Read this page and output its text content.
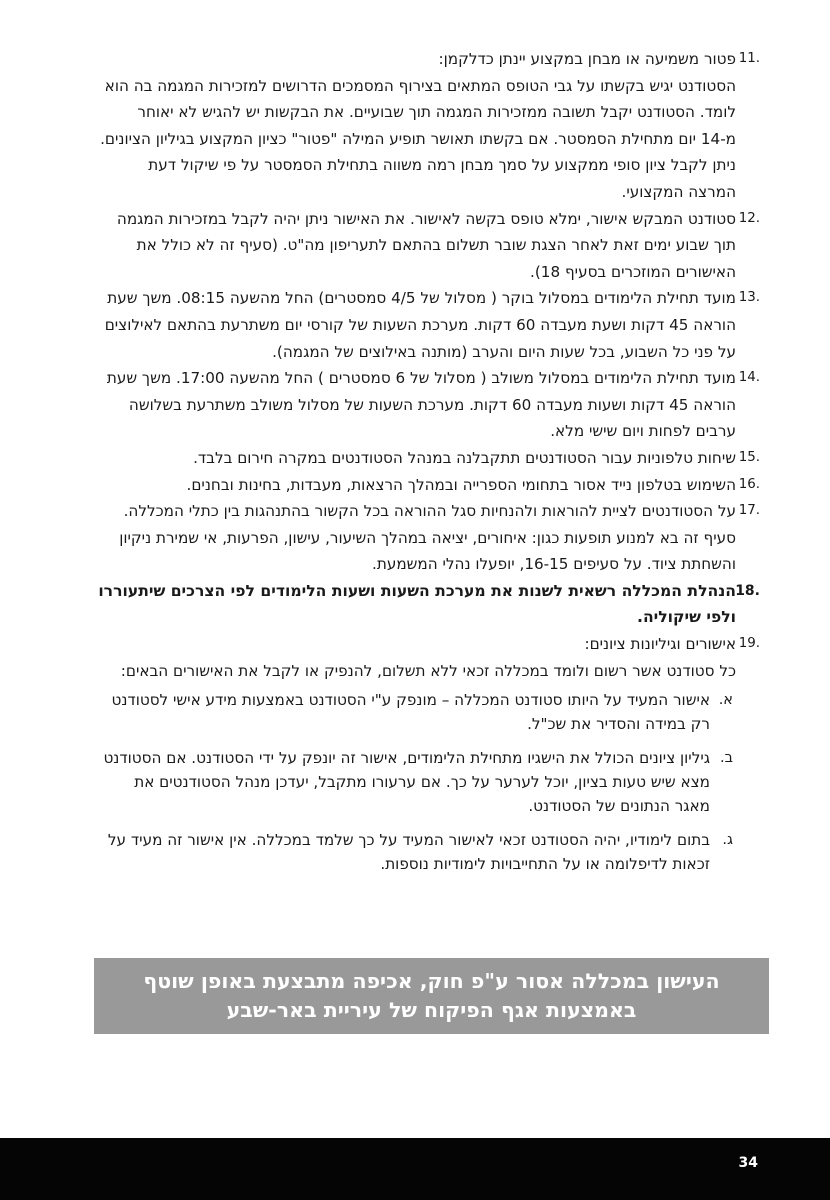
.11

פטור משמיעה או מבחן במקצוע יינתן כדלקמן:

הסטודנט יגיש בקשתו על גבי הטופס המתאים בצירוף המסמכים הדרושים למזכירות המגמה בה הוא לומד. הסטודנט יקבל תשובה ממזכירות המגמה תוך שבועיים. את הבקשות יש להגיש לא יאוחר מ-14 יום מתחילת הסמסטר. אם בקשתו תאושר תופיע המילה "פטור" כציון המקצוע בגיליון הציונים.

ניתן לקבל ציון סופי ממקצוע על סמך מבחן רמה משווה בתחילת הסמסטר על פי שיקול דעת המרצה המקצועי.

.12

סטודנט המבקש אישור, ימלא טופס בקשה לאישור. את האישור ניתן יהיה לקבל במזכירות המגמה תוך שבוע ימים זאת לאחר הצגת שובר תשלום בהתאם לתעריפון מה"ט. (סעיף זה לא כולל את האישורים המוזכרים בסעיף 18).

.13

מועד תחילת הלימודים במסלול בוקר ( מסלול של 4/5 סמסטרים) החל מהשעה 08:15. משך שעת הוראה 45 דקות ושעת מעבדה 60 דקות. מערכת השעות של קורסי יום משתרעת בהתאם לאילוצים על פני כל השבוע, בכל שעות היום והערב (מותנה באילוצים של המגמה).

.14

מועד תחילת הלימודים במסלול משולב ( מסלול של 6 סמסטרים ) החל מהשעה 17:00. משך שעת הוראה 45 דקות ושעות מעבדה 60 דקות. מערכת השעות של מסלול משולב משתרעת בשלושה ערבים לפחות ויום שישי מלא.

.15

שיחות טלפוניות עבור הסטודנטים תתקבלנה במנהל הסטודנטים במקרה חירום בלבד.

.16

השימוש בטלפון נייד אסור בתחומי הספרייה ובמהלך הרצאות, מעבדות, בחינות ובחנים.

.17

על הסטודנטים לציית להוראות ולהנחיות סגל ההוראה בכל הקשור בהתנהגות בין כתלי המכללה. סעיף זה בא למנוע תופעות כגון: איחורים, יציאה במהלך השיעור, עישון, הפרעות, אי שמירת ניקיון והשחתת ציוד. על סעיפים 16-15, יופעלו נהלי המשמעת.

.18

הנהלת המכללה רשאית לשנות את מערכת השעות ושעות הלימודים לפי הצרכים שיתעוררו ולפי שיקוליה.

.19

אישורים וגיליונות ציונים:

כל סטודנט אשר רשום ולומד במכללה זכאי ללא תשלום, להנפיק או לקבל את האישורים הבאים:

א.

אישור המעיד על היותו סטודנט המכללה – מונפק ע"י הסטודנט באמצעות מידע אישי לסטודנט רק במידה והסדיר את שכ"ל.

ב.

גיליון ציונים הכולל את הישגיו מתחילת הלימודים, אישור זה יונפק על ידי הסטודנט. אם הסטודנט מצא שיש טעות בציון, יוכל לערער על כך. אם ערעורו מתקבל, יעדכן מנהל הסטודנטים את מאגר הנתונים של הסטודנט.

ג.

בתום לימודיו, יהיה הסטודנט זכאי לאישור המעיד על כך שלמד במכללה. אין אישור זה מעיד על זכאות לדיפלומה או על התחייבויות לימודיות נוספות.

העישון במכללה אסור ע"פ חוק, אכיפה מתבצעת באופן שוטף
באמצעות אגף הפיקוח של עיריית באר-שבע
34
